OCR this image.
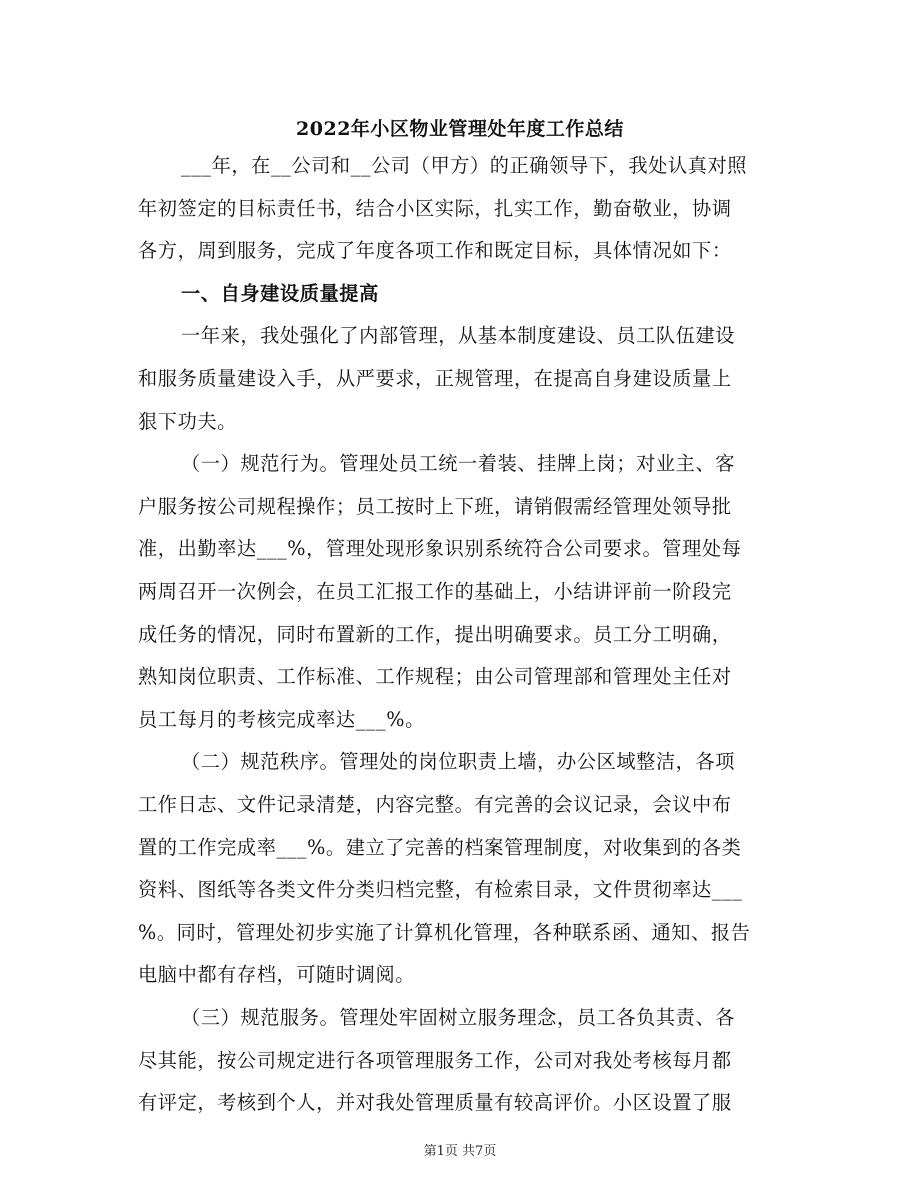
2022年小区物业管理处年度工作总结
___年，在__公司和__公司（甲方）的正确领导下，我处认真对照
年初签定的目标责任书，结合小区实际，扎实工作，勤奋敬业，协调
各方，周到服务，完成了年度各项工作和既定目标，具体情况如下：
一、自身建设质量提高
一年来，我处强化了内部管理，从基本制度建设、员工队伍建设
和服务质量建设入手，从严要求，正规管理，在提高自身建设质量上
狠下功夫。
（一）规范行为。管理处员工统一着装、挂牌上岗；对业主、客
户服务按公司规程操作；员工按时上下班，请销假需经管理处领导批
准，出勤率达___%，管理处现形象识别系统符合公司要求。管理处每
两周召开一次例会，在员工汇报工作的基础上，小结讲评前一阶段完
成任务的情况，同时布置新的工作，提出明确要求。员工分工明确，
熟知岗位职责、工作标准、工作规程；由公司管理部和管理处主任对
员工每月的考核完成率达___%。
（二）规范秩序。管理处的岗位职责上墙，办公区域整洁，各项
工作日志、文件记录清楚，内容完整。有完善的会议记录，会议中布
置的工作完成率___%。建立了完善的档案管理制度，对收集到的各类
资料、图纸等各类文件分类归档完整，有检索目录，文件贯彻率达___
%。同时，管理处初步实施了计算机化管理，各种联系函、通知、报告
电脑中都有存档，可随时调阅。
（三）规范服务。管理处牢固树立服务理念，员工各负其责、各
尽其能，按公司规定进行各项管理服务工作，公司对我处考核每月都
第1页 共7页
有评定，考核到个人，并对我处管理质量有较高评价。小区设置了服
